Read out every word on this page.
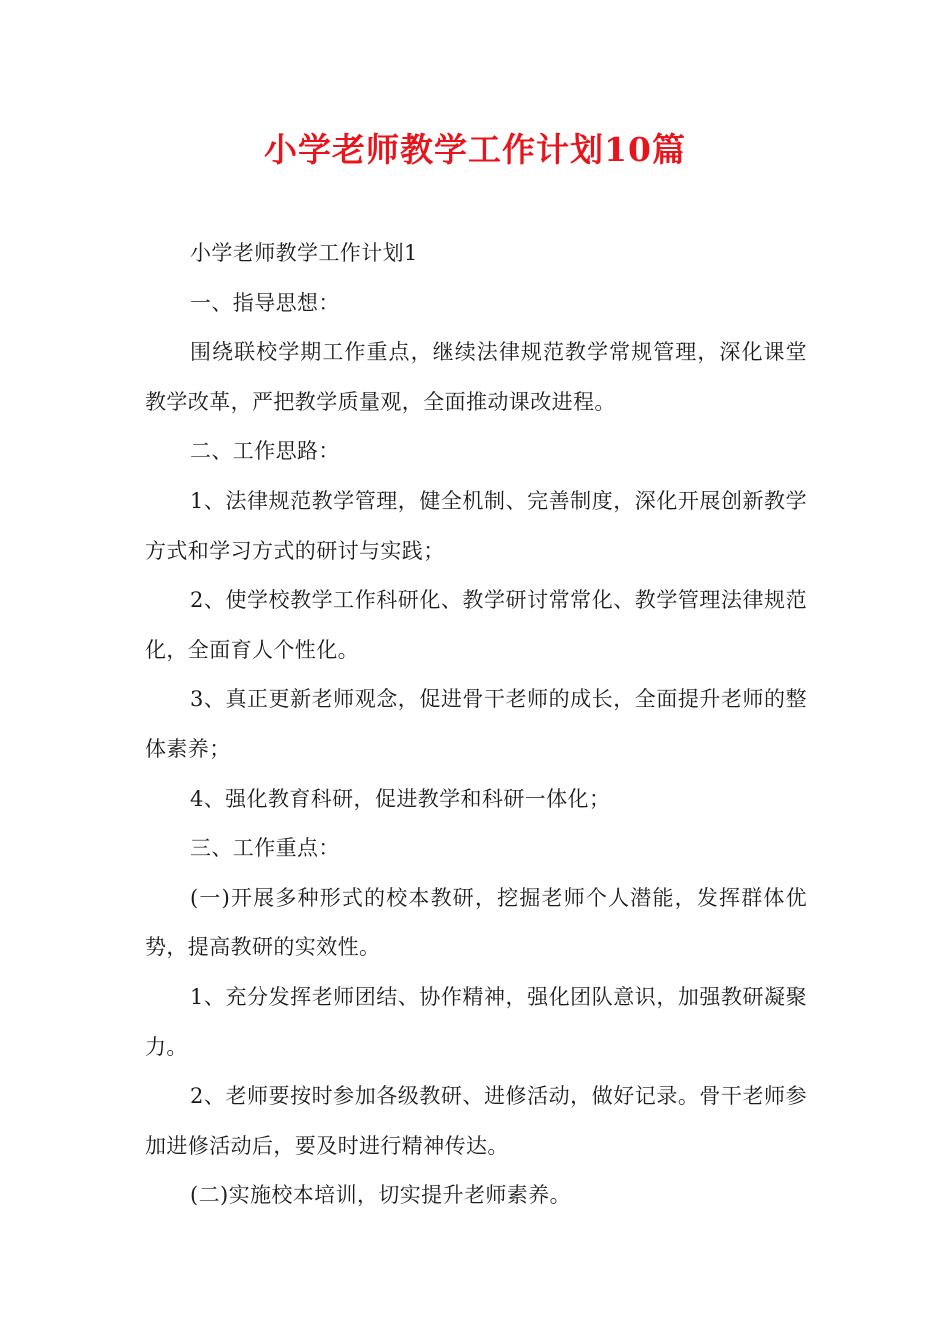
小学老师教学工作计划10篇

小学老师教学工作计划1

一、指导思想：

围绕联校学期工作重点，继续法律规范教学常规管理，深化课堂教学改革，严把教学质量观，全面推动课改进程。

二、工作思路：

1、法律规范教学管理，健全机制、完善制度，深化开展创新教学方式和学习方式的研讨与实践；

2、使学校教学工作科研化、教学研讨常常化、教学管理法律规范化，全面育人个性化。

3、真正更新老师观念，促进骨干老师的成长，全面提升老师的整体素养；

4、强化教育科研，促进教学和科研一体化；

三、工作重点：

(一)开展多种形式的校本教研，挖掘老师个人潜能，发挥群体优势，提高教研的实效性。

1、充分发挥老师团结、协作精神，强化团队意识，加强教研凝聚力。

2、老师要按时参加各级教研、进修活动，做好记录。骨干老师参加进修活动后，要及时进行精神传达。

(二)实施校本培训，切实提升老师素养。
